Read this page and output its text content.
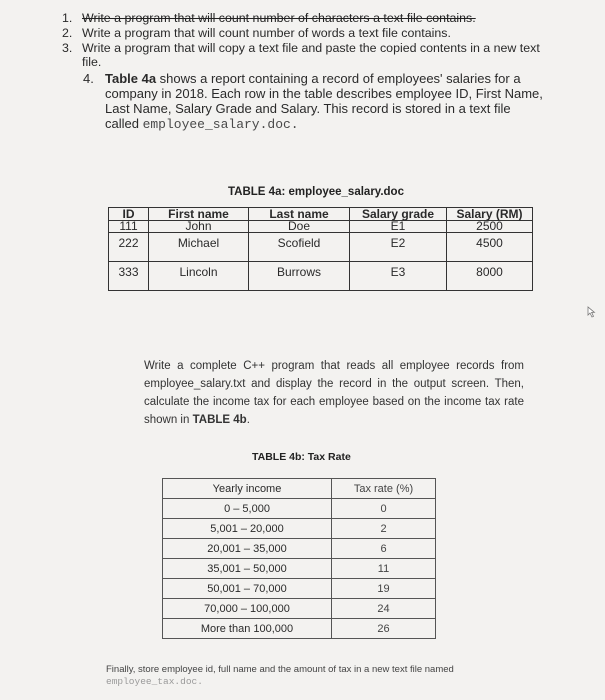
1. Write a program that will count number of characters a text file contains.
2. Write a program that will count number of words a text file contains.
3. Write a program that will copy a text file and paste the copied contents in a new text file.
4. Table 4a shows a report containing a record of employees' salaries for a company in 2018. Each row in the table describes employee ID, First Name, Last Name, Salary Grade and Salary. This record is stored in a text file called employee_salary.doc.
TABLE 4a: employee_salary.doc
ID	First name	Last name	Salary grade	Salary (RM)
111	John	Doe	E1	2500
222	Michael	Scofield	E2	4500
333	Lincoln	Burrows	E3	8000
Write a complete C++ program that reads all employee records from employee_salary.txt and display the record in the output screen. Then, calculate the income tax for each employee based on the income tax rate shown in TABLE 4b.
TABLE 4b: Tax Rate
Yearly income	Tax rate (%)
0 – 5,000	0
5,001 – 20,000	2
20,001 – 35,000	6
35,001 – 50,000	11
50,001 – 70,000	19
70,000 – 100,000	24
More than 100,000	26
Finally, store employee id, full name and the amount of tax in a new text file named
employee_tax.doc.
